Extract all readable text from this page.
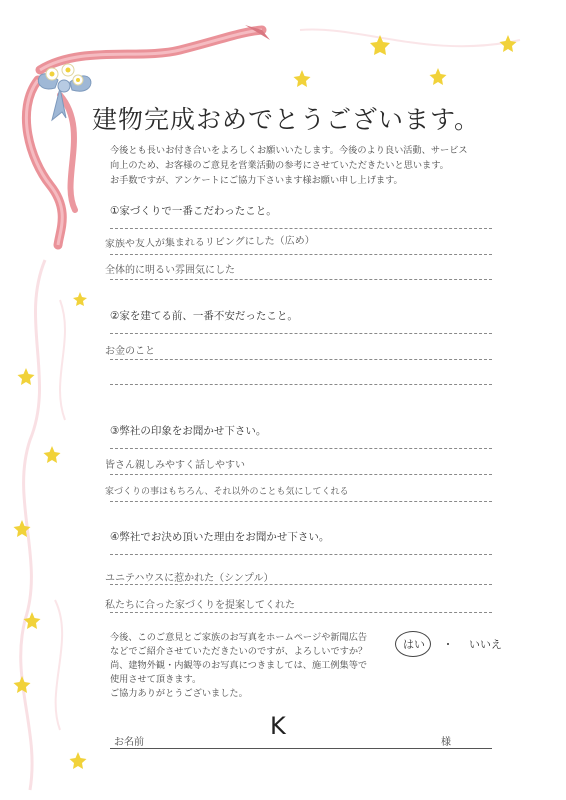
建物完成おめでとうございます。
今後とも長いお付き合いをよろしくお願いいたします。今後のより良い活動、サービス
向上のため、お客様のご意見を営業活動の参考にさせていただきたいと思います。
お手数ですが、アンケートにご協力下さいます様お願い申し上げます。
①家づくりで一番こだわったこと。
家族や友人が集まれるリビングにした（広め）
全体的に明るい雰囲気にした
②家を建てる前、一番不安だったこと。
お金のこと
③弊社の印象をお聞かせ下さい。
皆さん親しみやすく話しやすい
家づくりの事はもちろん、それ以外のことも気にしてくれる
④弊社でお決め頂いた理由をお聞かせ下さい。
ユニテハウスに惹かれた（シンプル）
私たちに合った家づくりを提案してくれた
今後、このご意見とご家族のお写真をホームページや新聞広告
などでご紹介させていただきたいのですが、よろしいですか？
尚、建物外観・内観等のお写真につきましては、施工例集等で
使用させて頂きます。
ご協力ありがとうございました。
はい ・ いいえ
お名前
K
様
